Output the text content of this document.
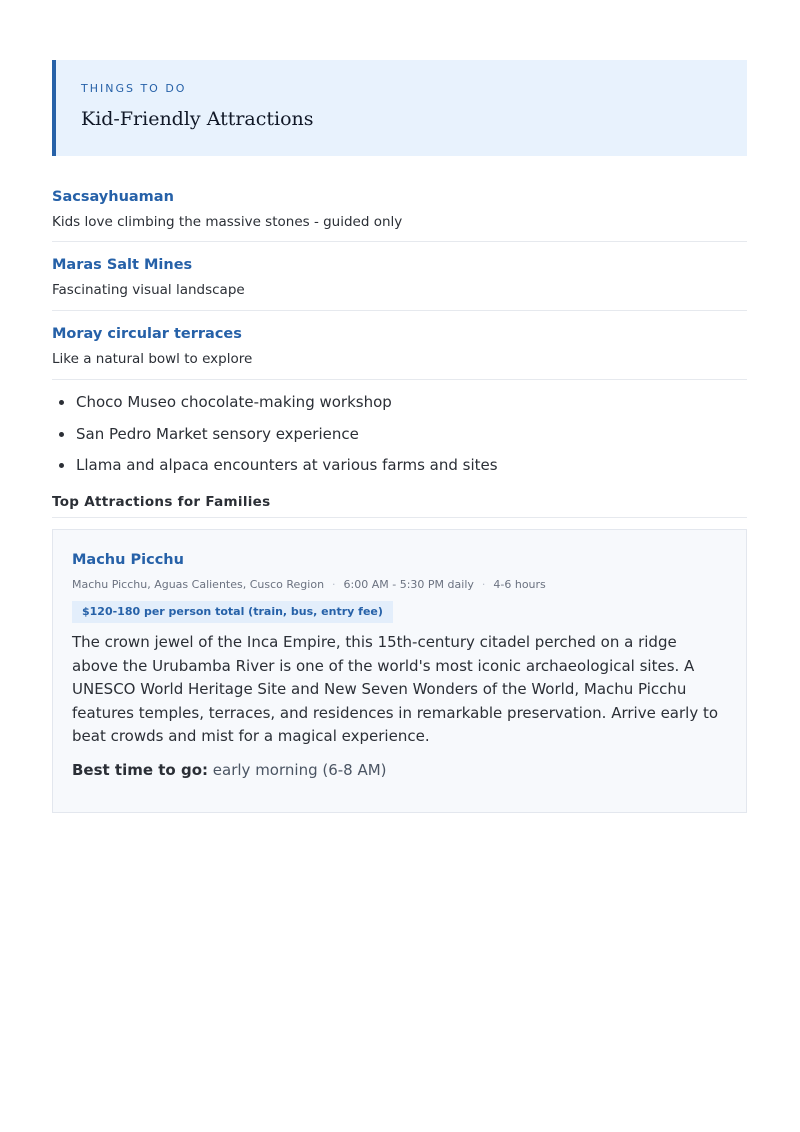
THINGS TO DO
Kid-Friendly Attractions
Sacsayhuaman
Kids love climbing the massive stones - guided only
Maras Salt Mines
Fascinating visual landscape
Moray circular terraces
Like a natural bowl to explore
Choco Museo chocolate-making workshop
San Pedro Market sensory experience
Llama and alpaca encounters at various farms and sites
Top Attractions for Families
Machu Picchu
Machu Picchu, Aguas Calientes, Cusco Region · 6:00 AM - 5:30 PM daily · 4-6 hours
$120-180 per person total (train, bus, entry fee)
The crown jewel of the Inca Empire, this 15th-century citadel perched on a ridge above the Urubamba River is one of the world's most iconic archaeological sites. A UNESCO World Heritage Site and New Seven Wonders of the World, Machu Picchu features temples, terraces, and residences in remarkable preservation. Arrive early to beat crowds and mist for a magical experience.
Best time to go: early morning (6-8 AM)
